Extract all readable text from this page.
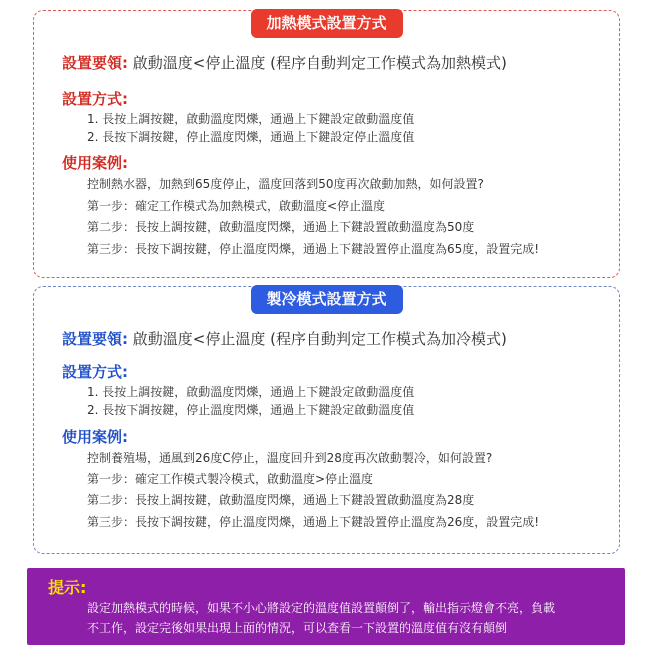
加熱模式設置方式
設置要領: 啟動溫度<停止溫度 (程序自動判定工作模式為加熱模式)
設置方式:
1. 長按上調按鍵，啟動溫度閃爍，通過上下鍵設定啟動溫度值
2. 長按下調按鍵，停止溫度閃爍，通過上下鍵設定停止溫度值
使用案例:
控制熱水器，加熱到65度停止，溫度回落到50度再次啟動加熱，如何設置?
第一步：確定工作模式為加熱模式，啟動溫度<停止溫度
第二步：長按上調按鍵，啟動溫度閃爍，通過上下鍵設置啟動溫度為50度
第三步：長按下調按鍵，停止溫度閃爍，通過上下鍵設置停止溫度為65度，設置完成!
製冷模式設置方式
設置要領: 啟動溫度<停止溫度 (程序自動判定工作模式為加冷模式)
設置方式:
1. 長按上調按鍵，啟動溫度閃爍，通過上下鍵設定啟動溫度值
2. 長按下調按鍵，停止溫度閃爍，通過上下鍵設定啟動溫度值
使用案例:
控制養殖場，通風到26度C停止，溫度回升到28度再次啟動製冷，如何設置?
第一步：確定工作模式製冷模式，啟動溫度>停止溫度
第二步：長按上調按鍵，啟動溫度閃爍，通過上下鍵設置啟動溫度為28度
第三步：長按下調按鍵，停止溫度閃爍，通過上下鍵設置停止溫度為26度，設置完成!
提示:
設定加熱模式的時候，如果不小心將設定的溫度值設置顛倒了，輸出指示燈會不亮，負載
不工作，設定完後如果出現上面的情況，可以查看一下設置的溫度值有沒有顛倒
